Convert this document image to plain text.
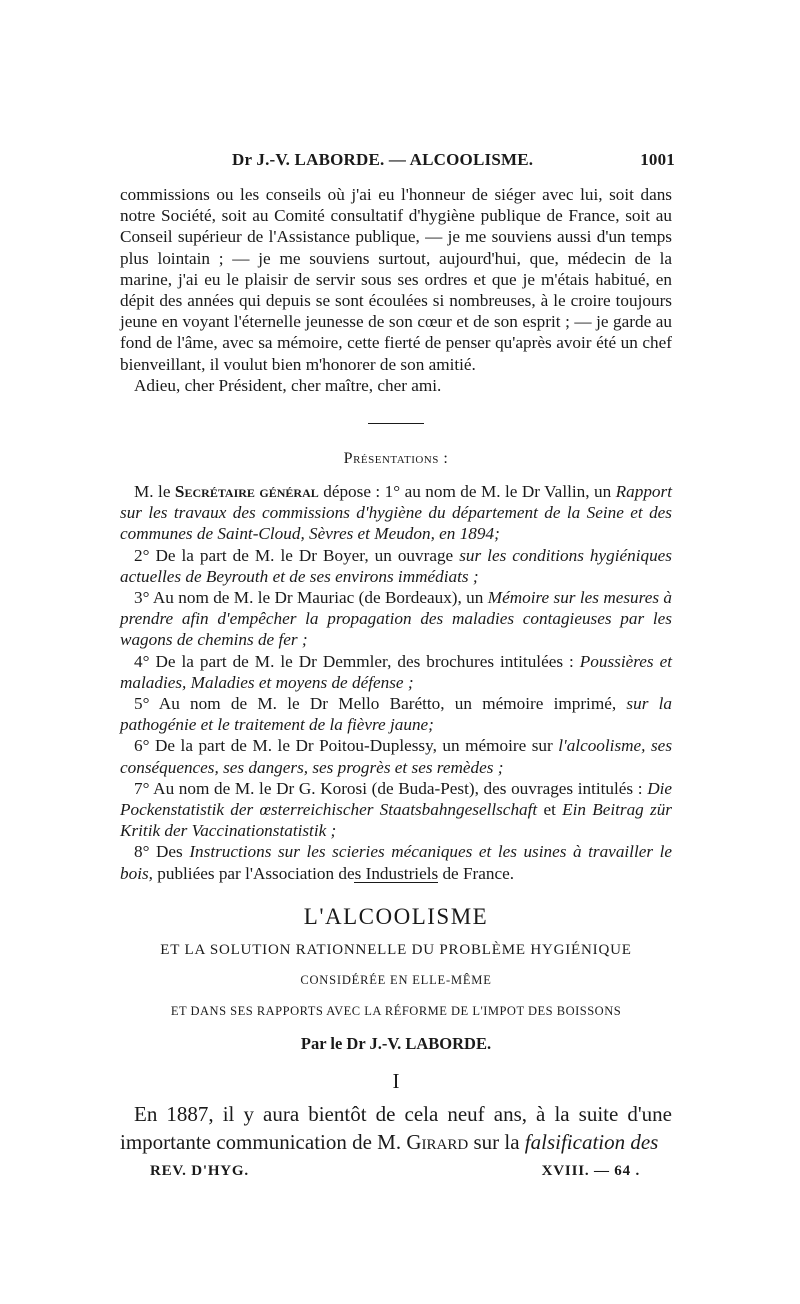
Dr J.-V. LABORDE. — ALCOOLISME.	1001

commissions ou les conseils où j'ai eu l'honneur de siéger avec lui, soit dans notre Société, soit au Comité consultatif d'hygiène publique de France, soit au Conseil supérieur de l'Assistance publique, — je me souviens aussi d'un temps plus lointain ; — je me souviens surtout, aujourd'hui, que, médecin de la marine, j'ai eu le plaisir de servir sous ses ordres et que je m'étais habitué, en dépit des années qui depuis se sont écoulées si nombreuses, à le croire toujours jeune en voyant l'éternelle jeunesse de son cœur et de son esprit ; — je garde au fond de l'âme, avec sa mémoire, cette fierté de penser qu'après avoir été un chef bienveillant, il voulut bien m'honorer de son amitié.

Adieu, cher Président, cher maître, cher ami.

Présentations :

M. le Secrétaire général dépose : 1° au nom de M. le Dr Vallin, un Rapport sur les travaux des commissions d'hygiène du département de la Seine et des communes de Saint-Cloud, Sèvres et Meudon, en 1894;

2° De la part de M. le Dr Boyer, un ouvrage sur les conditions hygiéniques actuelles de Beyrouth et de ses environs immédiats ;

3° Au nom de M. le Dr Mauriac (de Bordeaux), un Mémoire sur les mesures à prendre afin d'empêcher la propagation des maladies contagieuses par les wagons de chemins de fer ;

4° De la part de M. le Dr Demmler, des brochures intitulées : Poussières et maladies, Maladies et moyens de défense ;

5° Au nom de M. le Dr Mello Barétto, un mémoire imprimé, sur la pathogénie et le traitement de la fièvre jaune;

6° De la part de M. le Dr Poitou-Duplessy, un mémoire sur l'alcoolisme, ses conséquences, ses dangers, ses progrès et ses remèdes ;

7° Au nom de M. le Dr G. Korosi (de Buda-Pest), des ouvrages intitulés : Die Pockenstatistik der œsterreichischer Staatsbahngesellschaft et Ein Beitrag zür Kritik der Vaccinationstatistik ;

8° Des Instructions sur les scieries mécaniques et les usines à travailler le bois, publiées par l'Association des Industriels de France.

L'ALCOOLISME
ET LA SOLUTION RATIONNELLE DU PROBLÈME HYGIÉNIQUE
CONSIDÉRÉE EN ELLE-MÊME
ET DANS SES RAPPORTS AVEC LA RÉFORME DE L'IMPOT DES BOISSONS
Par le Dr J.-V. LABORDE.
I

En 1887, il y aura bientôt de cela neuf ans, à la suite d'une importante communication de M. Girard sur la falsification des

REV. D'HYG.	XVIII. — 64 .
